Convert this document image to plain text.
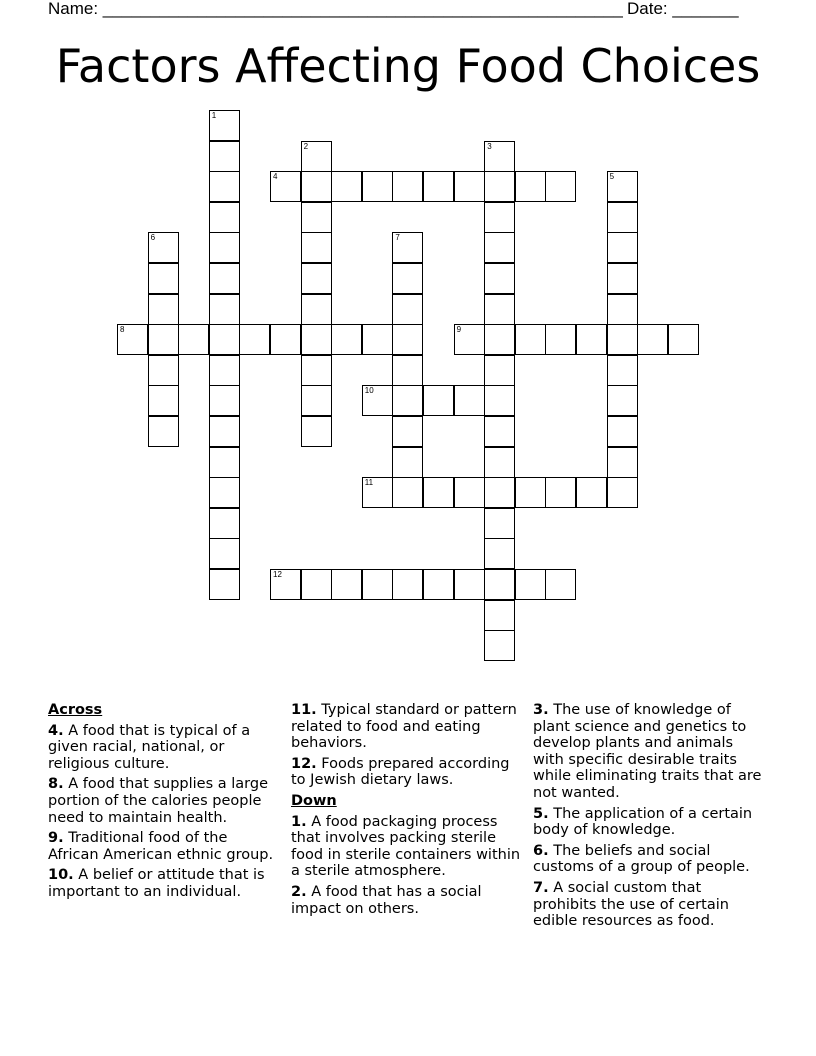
Name: _______________________________________________________ Date: _______
Factors Affecting Food Choices
1
2	3
4	5
6	7
8	9
10
11
12
Across
4. A food that is typical of a given racial, national, or religious culture.
8. A food that supplies a large portion of the calories people need to maintain health.
9. Traditional food of the African American ethnic group.
10. A belief or attitude that is important to an individual.
11. Typical standard or pattern related to food and eating behaviors.
12. Foods prepared according to Jewish dietary laws.
Down
1. A food packaging process that involves packing sterile food in sterile containers within a sterile atmosphere.
2. A food that has a social impact on others.
3. The use of knowledge of plant science and genetics to develop plants and animals with specific desirable traits while eliminating traits that are not wanted.
5. The application of a certain body of knowledge.
6. The beliefs and social customs of a group of people.
7. A social custom that prohibits the use of certain edible resources as food.
